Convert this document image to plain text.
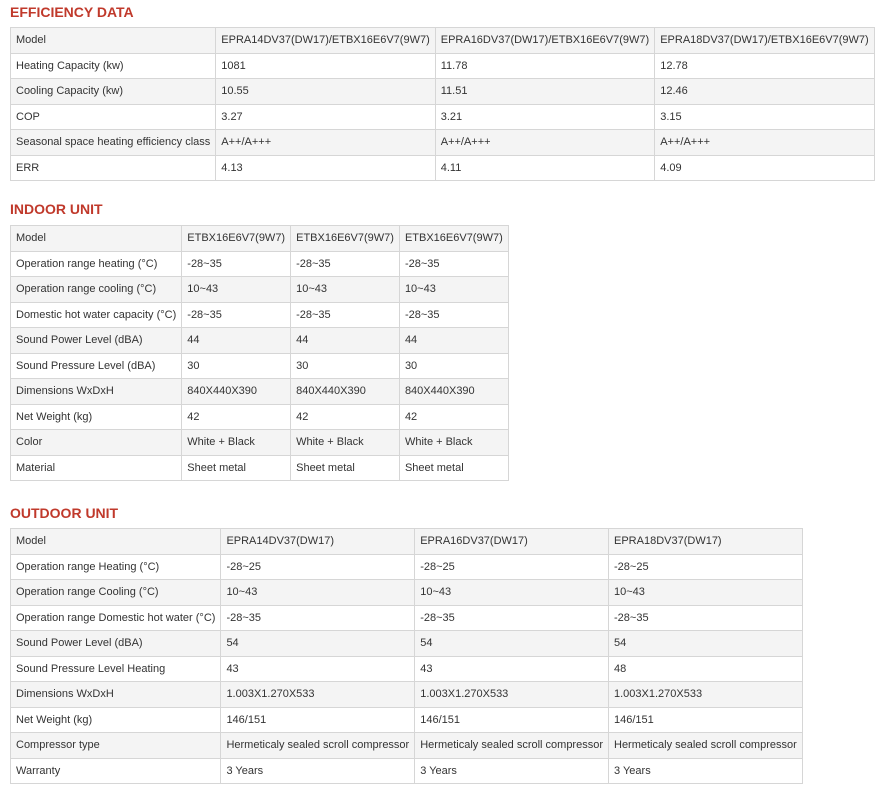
EFFICIENCY DATA
Model	EPRA14DV37(DW17)/ETBX16E6V7(9W7)	EPRA16DV37(DW17)/ETBX16E6V7(9W7)	EPRA18DV37(DW17)/ETBX16E6V7(9W7)
Heating Capacity (kw)	1081	11.78	12.78
Cooling Capacity (kw)	10.55	11.51	12.46
COP	3.27	3.21	3.15
Seasonal space heating efficiency class	A++/A+++	A++/A+++	A++/A+++
ERR	4.13	4.11	4.09
INDOOR UNIT
Model	ETBX16E6V7(9W7)	ETBX16E6V7(9W7)	ETBX16E6V7(9W7)
Operation range heating (°C)	-28~35	-28~35	-28~35
Operation range cooling (°C)	10~43	10~43	10~43
Domestic hot water capacity (°C)	-28~35	-28~35	-28~35
Sound Power Level (dBA)	44	44	44
Sound Pressure Level (dBA)	30	30	30
Dimensions WxDxH	840X440X390	840X440X390	840X440X390
Net Weight (kg)	42	42	42
Color	White + Black	White + Black	White + Black
Material	Sheet metal	Sheet metal	Sheet metal
OUTDOOR UNIT
Model	EPRA14DV37(DW17)	EPRA16DV37(DW17)	EPRA18DV37(DW17)
Operation range Heating (°C)	-28~25	-28~25	-28~25
Operation range Cooling (°C)	10~43	10~43	10~43
Operation range Domestic hot water (°C)	-28~35	-28~35	-28~35
Sound Power Level (dBA)	54	54	54
Sound Pressure Level Heating	43	43	48
Dimensions WxDxH	1.003X1.270X533	1.003X1.270X533	1.003X1.270X533
Net Weight (kg)	146/151	146/151	146/151
Compressor type	Hermeticaly sealed scroll compressor	Hermeticaly sealed scroll compressor	Hermeticaly sealed scroll compressor
Warranty	3 Years	3 Years	3 Years
